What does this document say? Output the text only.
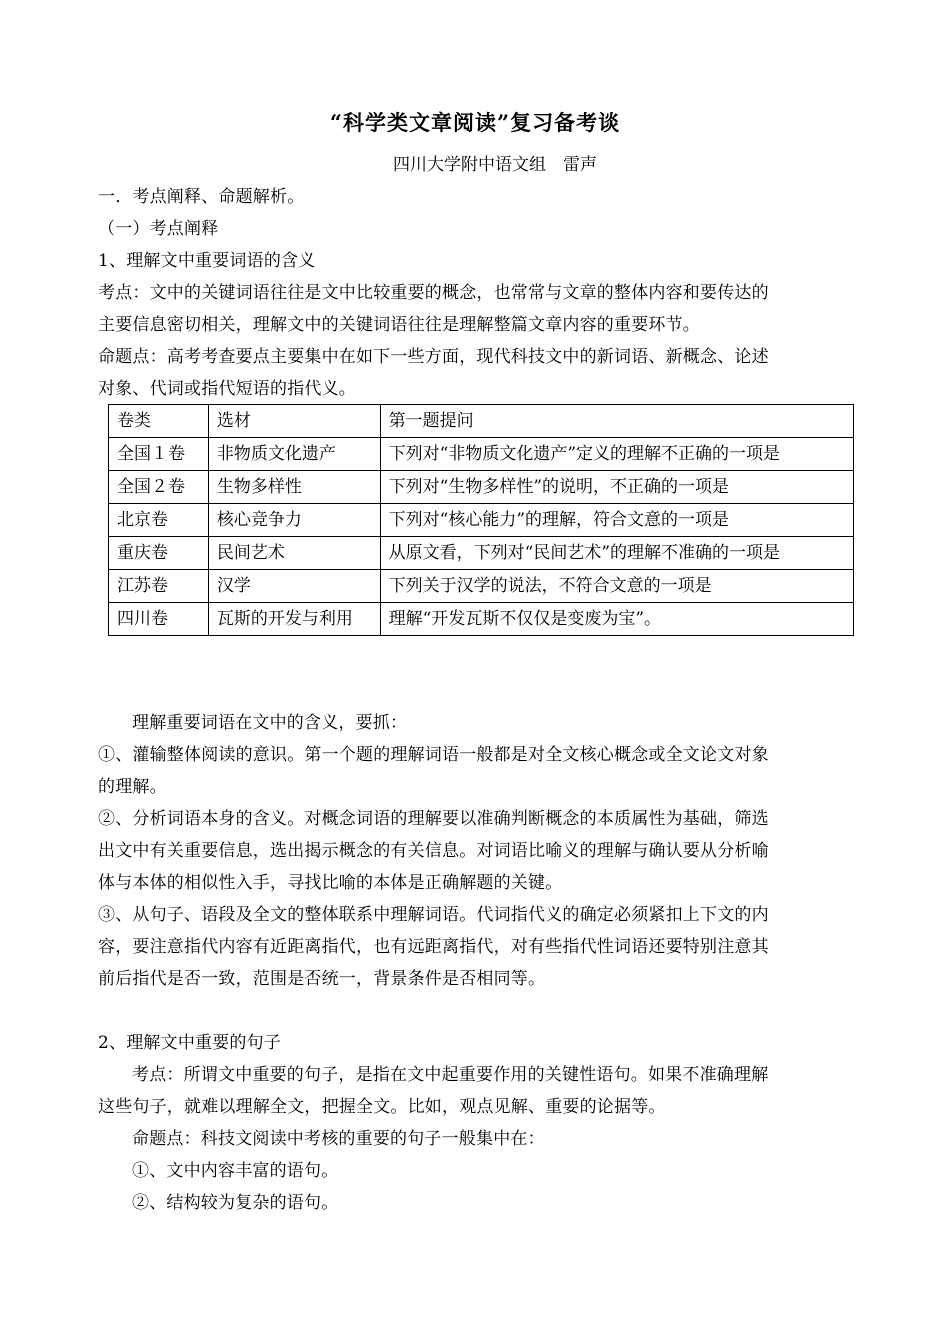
“科学类文章阅读”复习备考谈
四川大学附中语文组　雷声
一．考点阐释、命题解析。
（一）考点阐释
1、理解文中重要词语的含义
考点：文中的关键词语往往是文中比较重要的概念，也常常与文章的整体内容和要传达的
主要信息密切相关，理解文中的关键词语往往是理解整篇文章内容的重要环节。
命题点：高考考查要点主要集中在如下一些方面，现代科技文中的新词语、新概念、论述
对象、代词或指代短语的指代义。
卷类	选材	第一题提问
全国１卷	非物质文化遗产	下列对“非物质文化遗产”定义的理解不正确的一项是
全国２卷	生物多样性	下列对“生物多样性”的说明，不正确的一项是
北京卷	核心竞争力	下列对“核心能力”的理解，符合文意的一项是
重庆卷	民间艺术	从原文看，下列对“民间艺术”的理解不准确的一项是
江苏卷	汉学	下列关于汉学的说法，不符合文意的一项是
四川卷	瓦斯的开发与利用	理解“开发瓦斯不仅仅是变废为宝”。
理解重要词语在文中的含义，要抓：
①、灌输整体阅读的意识。第一个题的理解词语一般都是对全文核心概念或全文论文对象
的理解。
②、分析词语本身的含义。对概念词语的理解要以准确判断概念的本质属性为基础，筛选
出文中有关重要信息，选出揭示概念的有关信息。对词语比喻义的理解与确认要从分析喻
体与本体的相似性入手，寻找比喻的本体是正确解题的关键。
③、从句子、语段及全文的整体联系中理解词语。代词指代义的确定必须紧扣上下文的内
容，要注意指代内容有近距离指代，也有远距离指代，对有些指代性词语还要特别注意其
前后指代是否一致，范围是否统一，背景条件是否相同等。
2、理解文中重要的句子
考点：所谓文中重要的句子，是指在文中起重要作用的关键性语句。如果不准确理解
这些句子，就难以理解全文，把握全文。比如，观点见解、重要的论据等。
命题点：科技文阅读中考核的重要的句子一般集中在：
①、文中内容丰富的语句。
②、结构较为复杂的语句。
